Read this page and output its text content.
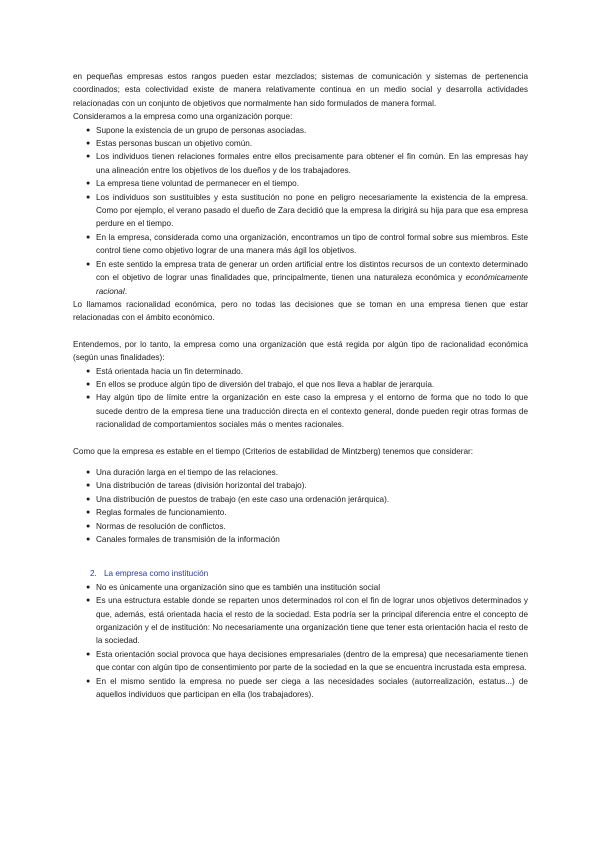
en pequeñas empresas estos rangos pueden estar mezclados; sistemas de comunicación y sistemas de pertenencia coordinados; esta colectividad existe de manera relativamente continua en un medio social y desarrolla actividades relacionadas con un conjunto de objetivos que normalmente han sido formulados de manera formal.

Consideramos a la empresa como una organización porque:

● Supone la existencia de un grupo de personas asociadas.
● Estas personas buscan un objetivo común.
● Los individuos tienen relaciones formales entre ellos precisamente para obtener el fin común. En las empresas hay una alineación entre los objetivos de los dueños y de los trabajadores.
● La empresa tiene voluntad de permanecer en el tiempo.
● Los individuos son sustituibles y esta sustitución no pone en peligro necesariamente la existencia de la empresa. Como por ejemplo, el verano pasado el dueño de Zara decidió que la empresa la dirigirá su hija para que esa empresa perdure en el tiempo.
● En la empresa, considerada como una organización, encontramos un tipo de control formal sobre sus miembros. Este control tiene como objetivo lograr de una manera más ágil los objetivos.
● En este sentido la empresa trata de generar un orden artificial entre los distintos recursos de un contexto determinado con el objetivo de lograr unas finalidades que, principalmente, tienen una naturaleza económica y económicamente racional.

Lo llamamos racionalidad económica, pero no todas las decisiones que se toman en una empresa tienen que estar relacionadas con el ámbito económico.

Entendemos, por lo tanto, la empresa como una organización que está regida por algún tipo de racionalidad económica (según unas finalidades):

● Está orientada hacia un fin determinado.
● En ellos se produce algún tipo de diversión del trabajo, el que nos lleva a hablar de jerarquía.
● Hay algún tipo de límite entre la organización en este caso la empresa y el entorno de forma que no todo lo que sucede dentro de la empresa tiene una traducción directa en el contexto general, donde pueden regir otras formas de racionalidad de comportamientos sociales más o mentes racionales.

Como que la empresa es estable en el tiempo (Criterios de estabilidad de Mintzberg) tenemos que considerar:

● Una duración larga en el tiempo de las relaciones.
● Una distribución de tareas (división horizontal del trabajo).
● Una distribución de puestos de trabajo (en este caso una ordenación jerárquica).
● Reglas formales de funcionamiento.
● Normas de resolución de conflictos.
● Canales formales de transmisión de la información
2. La empresa como institución
● No es únicamente una organización sino que es también una institución social
● Es una estructura estable donde se reparten unos determinados rol con el fin de lograr unos objetivos determinados y que, además, está orientada hacia el resto de la sociedad. Esta podría ser la principal diferencia entre el concepto de organización y el de institución: No necesariamente una organización tiene que tener esta orientación hacia el resto de la sociedad.
● Esta orientación social provoca que haya decisiones empresariales (dentro de la empresa) que necesariamente tienen que contar con algún tipo de consentimiento por parte de la sociedad en la que se encuentra incrustada esta empresa.
● En el mismo sentido la empresa no puede ser ciega a las necesidades sociales (autorrealización, estatus...) de aquellos individuos que participan en ella (los trabajadores).
